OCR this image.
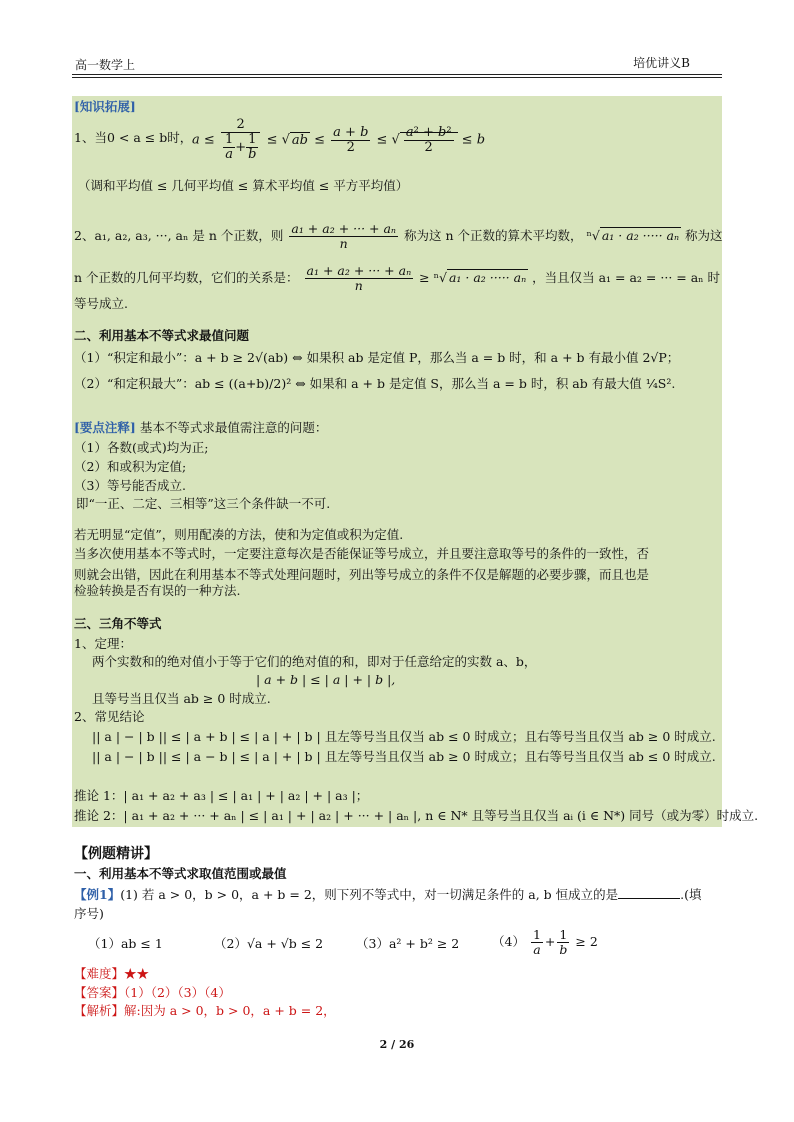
高一数学上	培优讲义B
[知识拓展]
1、当0 < a ≤ b时， $a \le \frac{2}{\frac{1}{a} + \frac{1}{b}}$ ≤ √ ab ≤ $\frac{a + b}{2}$ ≤ √ $\frac{\text{a² + b²}}{2} \le b$
（调和平均值 ≤ 几何平均值 ≤ 算术平均值 ≤ 平方平均值）
2、a₁, a₂, a₃, ···, aₙ 是 n 个正数，则 $\frac{\text{a₁ + a₂ + ··· + aₙ}}{n}$ 称为这 n 个正数的算术平均数， ⁿ√ a₁ · a₂ ····· aₙ 称为这
n 个正数的几何平均数，它们的关系是： $\frac{\text{a₁ + a₂ + ··· + aₙ}}{n} \ge ^n√$ a₁ · a₂ ····· aₙ ，当且仅当 a₁ = a₂ = ··· = aₙ 时
等号成立.
二、利用基本不等式求最值问题
（1）“积定和最小”：a + b ≥ 2√(ab) ⇔ 如果积 ab 是定值 P，那么当 a = b 时，和 a + b 有最小值 2√P；
（2）“和定积最大”：ab ≤ ((a+b)/2)² ⇔ 如果和 a + b 是定值 S，那么当 a = b 时，积 ab 有最大值 ¼S².
[要点注释] 基本不等式求最值需注意的问题：
（1）各数(或式)均为正;
（2）和或积为定值;
（3）等号能否成立.
即“一正、二定、三相等”这三个条件缺一不可.
若无明显“定值”，则用配凑的方法，使和为定值或积为定值.
当多次使用基本不等式时，一定要注意每次是否能保证等号成立，并且要注意取等号的条件的一致性，否
则就会出错，因此在利用基本不等式处理问题时，列出等号成立的条件不仅是解题的必要步骤，而且也是
检验转换是否有误的一种方法.
三、三角不等式
1、定理：
两个实数和的绝对值小于等于它们的绝对值的和，即对于任意给定的实数 a、b，
| a + b | ≤ | a | + | b |,
且等号当且仅当 ab ≥ 0 时成立.
2、常见结论
|| a | − | b || ≤ | a + b | ≤ | a | + | b | 且左等号当且仅当 ab ≤ 0 时成立；且右等号当且仅当 ab ≥ 0 时成立.
|| a | − | b || ≤ | a − b | ≤ | a | + | b | 且左等号当且仅当 ab ≥ 0 时成立；且右等号当且仅当 ab ≤ 0 时成立.
推论 1：| a₁ + a₂ + a₃ | ≤ | a₁ | + | a₂ | + | a₃ |；
推论 2：| a₁ + a₂ + ··· + aₙ | ≤ | a₁ | + | a₂ | + ··· + | aₙ |, n ∈ N* 且等号当且仅当 aᵢ (i ∈ N*) 同号（或为零）时成立.
【例题精讲】
一、利用基本不等式求取值范围或最值
【例1】(1) 若 a > 0，b > 0，a + b = 2，则下列不等式中，对一切满足条件的 a, b 恒成立的是	.(填
序号)
（1）ab ≤ 1	（2）√a + √b ≤ 2	（3）a² + b² ≥ 2	$(4) \frac{1}{a} + \frac{1}{b} \ge 2$
【难度】★★
【答案】（1）（2）（3）（4）
【解析】解:因为 a > 0，b > 0，a + b = 2，
2 / 26
